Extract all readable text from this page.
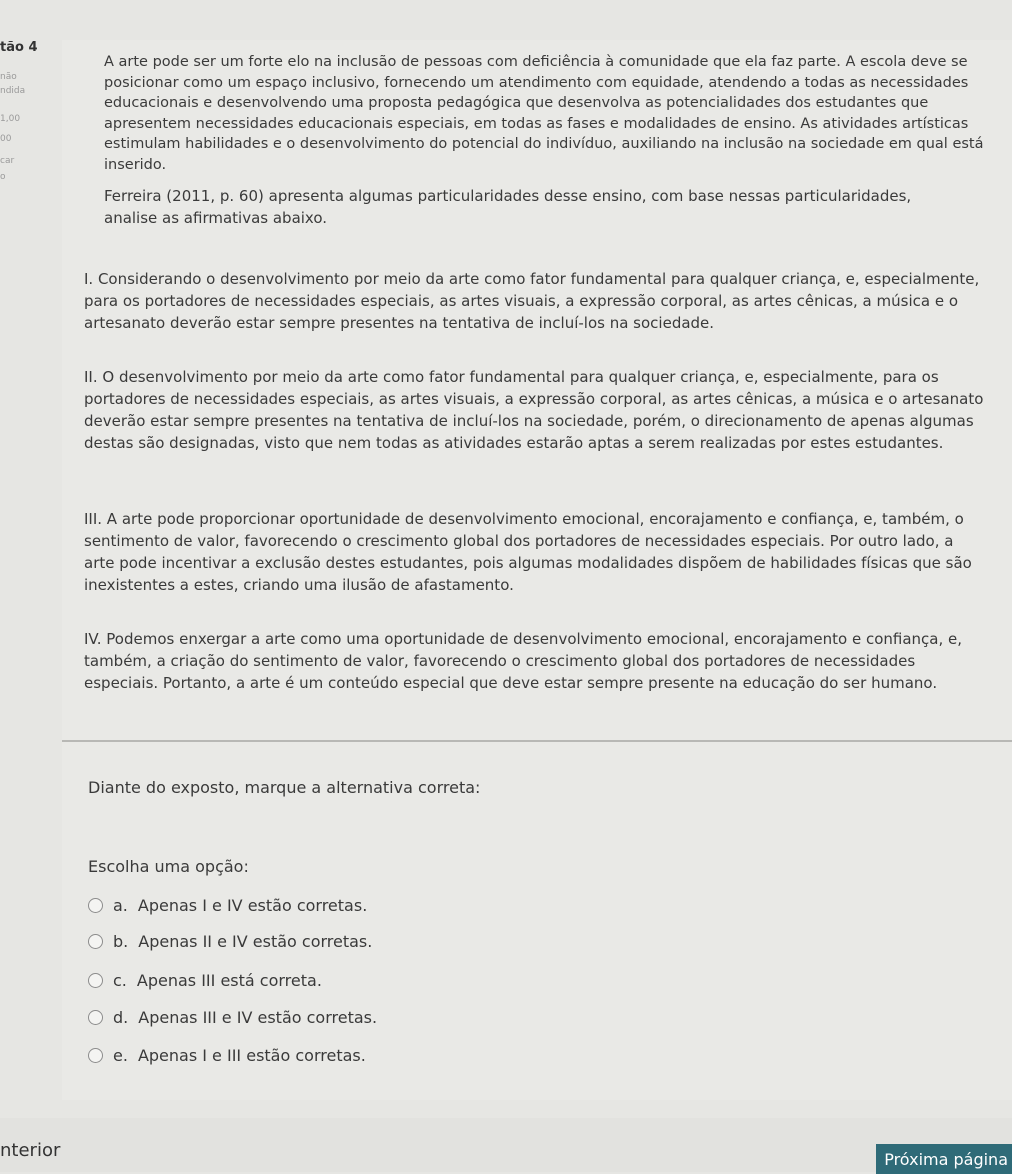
tão 4
não
ndida
1,00
00
car
o
A arte pode ser um forte elo na inclusão de pessoas com deficiência à comunidade que ela faz parte. A escola deve se posicionar como um espaço inclusivo, fornecendo um atendimento com equidade, atendendo a todas as necessidades educacionais e desenvolvendo uma proposta pedagógica que desenvolva as potencialidades dos estudantes que apresentem necessidades educacionais especiais, em todas as fases e modalidades de ensino. As atividades artísticas estimulam habilidades e o desenvolvimento do potencial do indivíduo, auxiliando na inclusão na sociedade em qual está inserido.
Ferreira (2011, p. 60) apresenta algumas particularidades desse ensino, com base nessas particularidades, analise as afirmativas abaixo.
I. Considerando o desenvolvimento por meio da arte como fator fundamental para qualquer criança, e, especialmente, para os portadores de necessidades especiais, as artes visuais, a expressão corporal, as artes cênicas, a música e o artesanato deverão estar sempre presentes na tentativa de incluí-los na sociedade.
II. O desenvolvimento por meio da arte como fator fundamental para qualquer criança, e, especialmente, para os portadores de necessidades especiais, as artes visuais, a expressão corporal, as artes cênicas, a música e o artesanato deverão estar sempre presentes na tentativa de incluí-los na sociedade, porém, o direcionamento de apenas algumas destas são designadas, visto que nem todas as atividades estarão aptas a serem realizadas por estes estudantes.
III. A arte pode proporcionar oportunidade de desenvolvimento emocional, encorajamento e confiança, e, também, o sentimento de valor, favorecendo o crescimento global dos portadores de necessidades especiais. Por outro lado, a arte pode incentivar a exclusão destes estudantes, pois algumas modalidades dispõem de habilidades físicas que são inexistentes a estes, criando uma ilusão de afastamento.
IV. Podemos enxergar a arte como uma oportunidade de desenvolvimento emocional, encorajamento e confiança, e, também, a criação do sentimento de valor, favorecendo o crescimento global dos portadores de necessidades especiais. Portanto, a arte é um conteúdo especial que deve estar sempre presente na educação do ser humano.
Diante do exposto, marque a alternativa correta:
Escolha uma opção:
a. Apenas I e IV estão corretas.
b. Apenas II e IV estão corretas.
c. Apenas III está correta.
d. Apenas III e IV estão corretas.
e. Apenas I e III estão corretas.
nterior	Próxima página
